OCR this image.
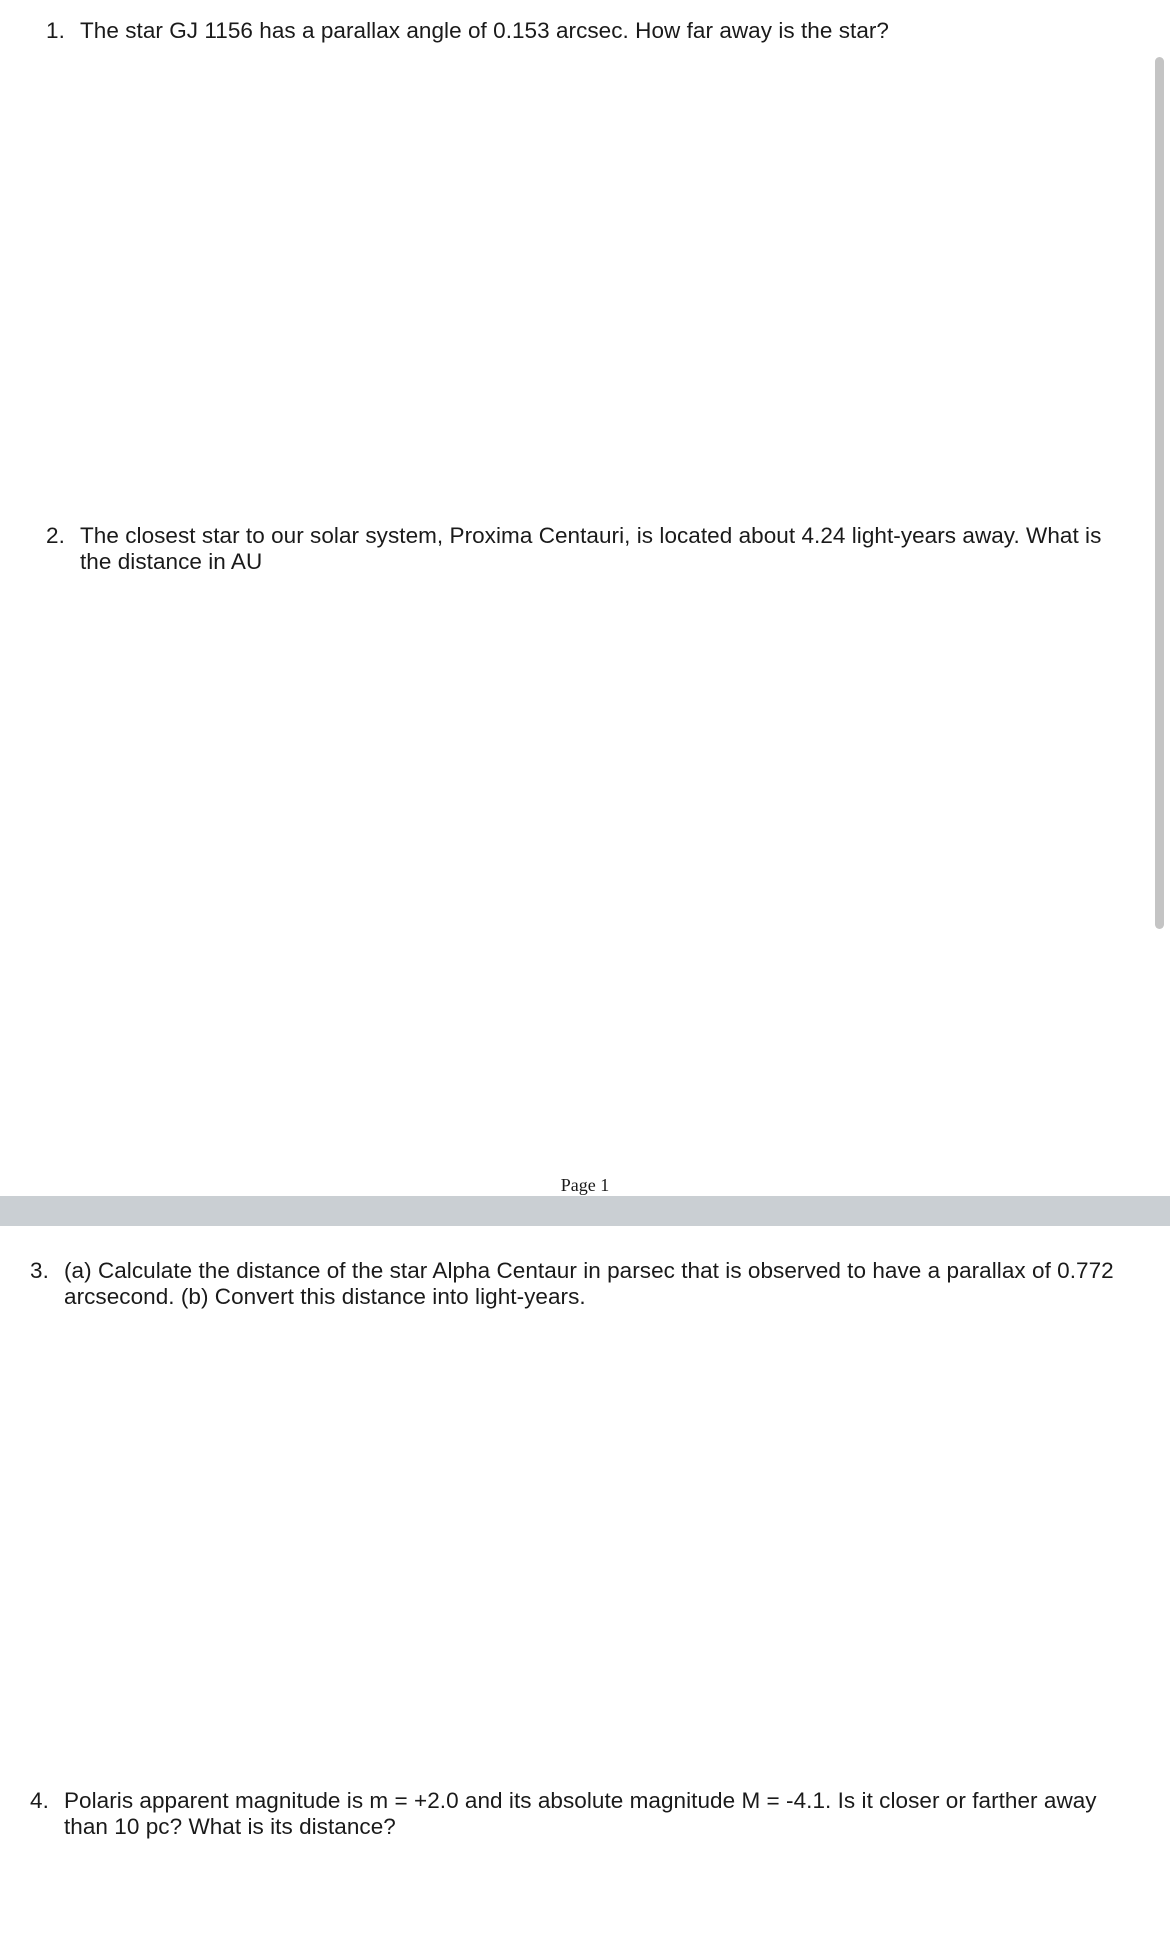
1. The star GJ 1156 has a parallax angle of 0.153 arcsec. How far away is the star?
2. The closest star to our solar system, Proxima Centauri, is located about 4.24 light-years away. What is the distance in AU
Page 1
3. (a) Calculate the distance of the star Alpha Centaur in parsec that is observed to have a parallax of 0.772 arcsecond. (b) Convert this distance into light-years.
4. Polaris apparent magnitude is m = +2.0 and its absolute magnitude M = -4.1. Is it closer or farther away than 10 pc? What is its distance?
